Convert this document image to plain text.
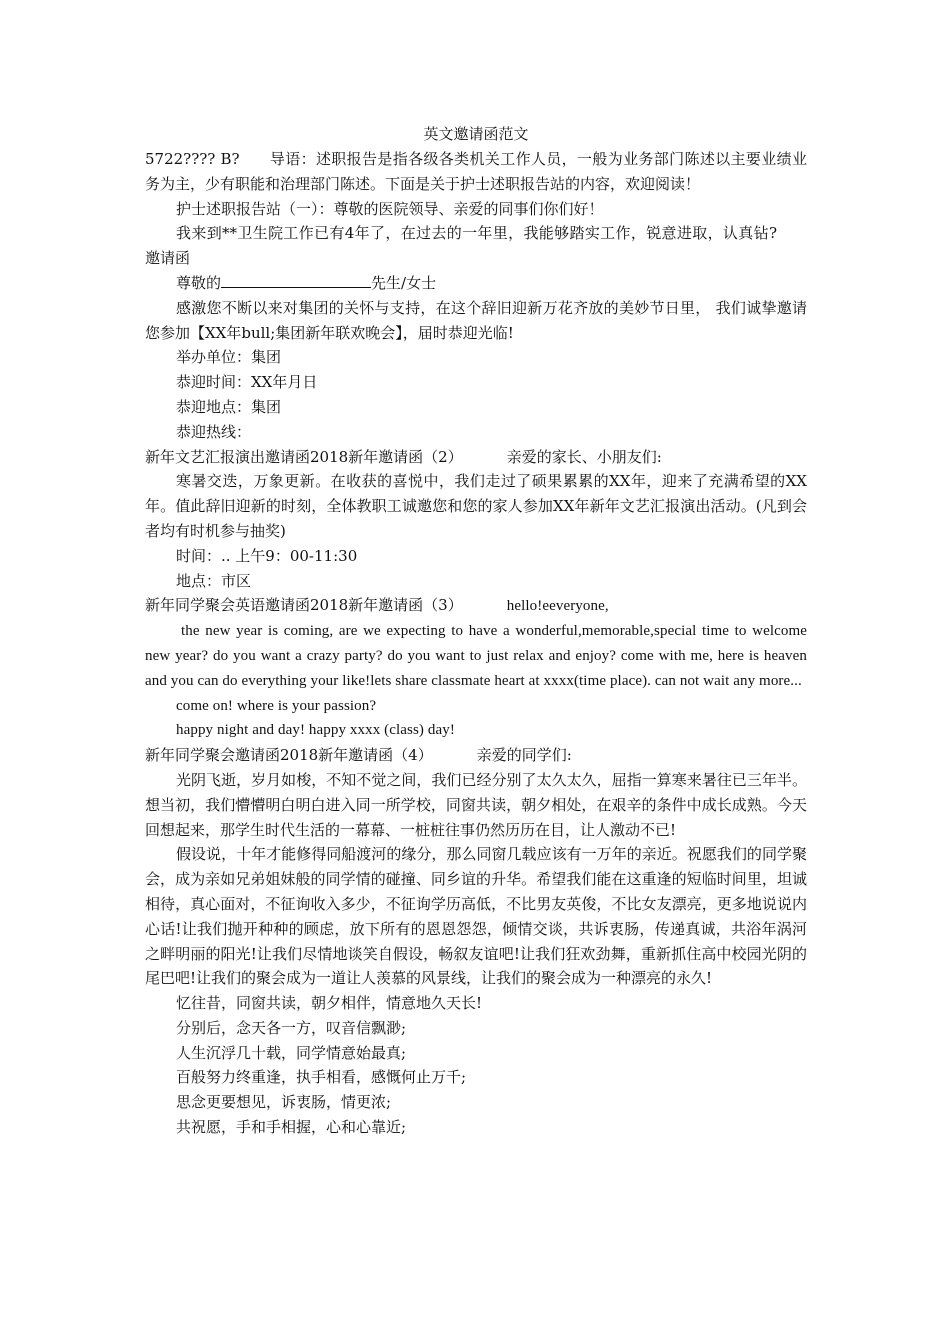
英文邀请函范文

5722???? B? 导语：述职报告是指各级各类机关工作人员，一般为业务部门陈述以主要业绩业务为主，少有职能和治理部门陈述。下面是关于护士述职报告站的内容，欢迎阅读！

护士述职报告站（一）：尊敬的医院领导、亲爱的同事们你们好！

我来到**卫生院工作已有4年了，在过去的一年里，我能够踏实工作，锐意进取，认真钻?邀请函

尊敬的	先生/女士

感激您不断以来对集团的关怀与支持，在这个辞旧迎新万花齐放的美妙节日里， 我们诚挚邀请您参加【XX年bull;集团新年联欢晚会】，届时恭迎光临!

举办单位：集团

恭迎时间：XX年月日

恭迎地点：集团

恭迎热线：

新年文艺汇报演出邀请函2018新年邀请函（2）	亲爱的家长、小朋友们:

寒暑交迭，万象更新。在收获的喜悦中，我们走过了硕果累累的XX年，迎来了充满希望的XX年。值此辞旧迎新的时刻，全体教职工诚邀您和您的家人参加XX年新年文艺汇报演出活动。(凡到会者均有时机参与抽奖)

时间：.. 上午9：00-11:30

地点：市区

新年同学聚会英语邀请函2018新年邀请函（3）	hello!eeveryone,

the new year is coming, are we expecting to have a wonderful,memorable,special time to welcome new year? do you want a crazy party? do you want to just relax and enjoy? come with me, here is heaven and you can do everything your like!lets share classmate heart at xxxx(time place). can not wait any more...

come on! where is your passion?

happy night and day! happy xxxx (class) day!

新年同学聚会邀请函2018新年邀请函（4）	亲爱的同学们:

光阴飞逝，岁月如梭，不知不觉之间，我们已经分别了太久太久，屈指一算寒来暑往已三年半。想当初，我们懵懵明白明白进入同一所学校，同窗共读，朝夕相处，在艰辛的条件中成长成熟。今天回想起来，那学生时代生活的一幕幕、一桩桩往事仍然历历在目，让人激动不已!

假设说，十年才能修得同船渡河的缘分，那么同窗几载应该有一万年的亲近。祝愿我们的同学聚会，成为亲如兄弟姐妹般的同学情的碰撞、同乡谊的升华。希望我们能在这重逢的短临时间里，坦诚相待，真心面对，不征询收入多少，不征询学历高低，不比男友英俊，不比女友漂亮，更多地说说内心话!让我们抛开种种的顾虑，放下所有的恩恩怨怨，倾情交谈，共诉衷肠，传递真诚，共浴年涡河之畔明丽的阳光!让我们尽情地谈笑自假设，畅叙友谊吧!让我们狂欢劲舞，重新抓住高中校园光阴的尾巴吧!让我们的聚会成为一道让人羡慕的风景线，让我们的聚会成为一种漂亮的永久!

忆往昔，同窗共读，朝夕相伴，情意地久天长!

分别后，念天各一方，叹音信飘渺;

人生沉浮几十载，同学情意始最真;

百般努力终重逢，执手相看，感慨何止万千;

思念更要想见，诉衷肠，情更浓;

共祝愿，手和手相握，心和心靠近;
